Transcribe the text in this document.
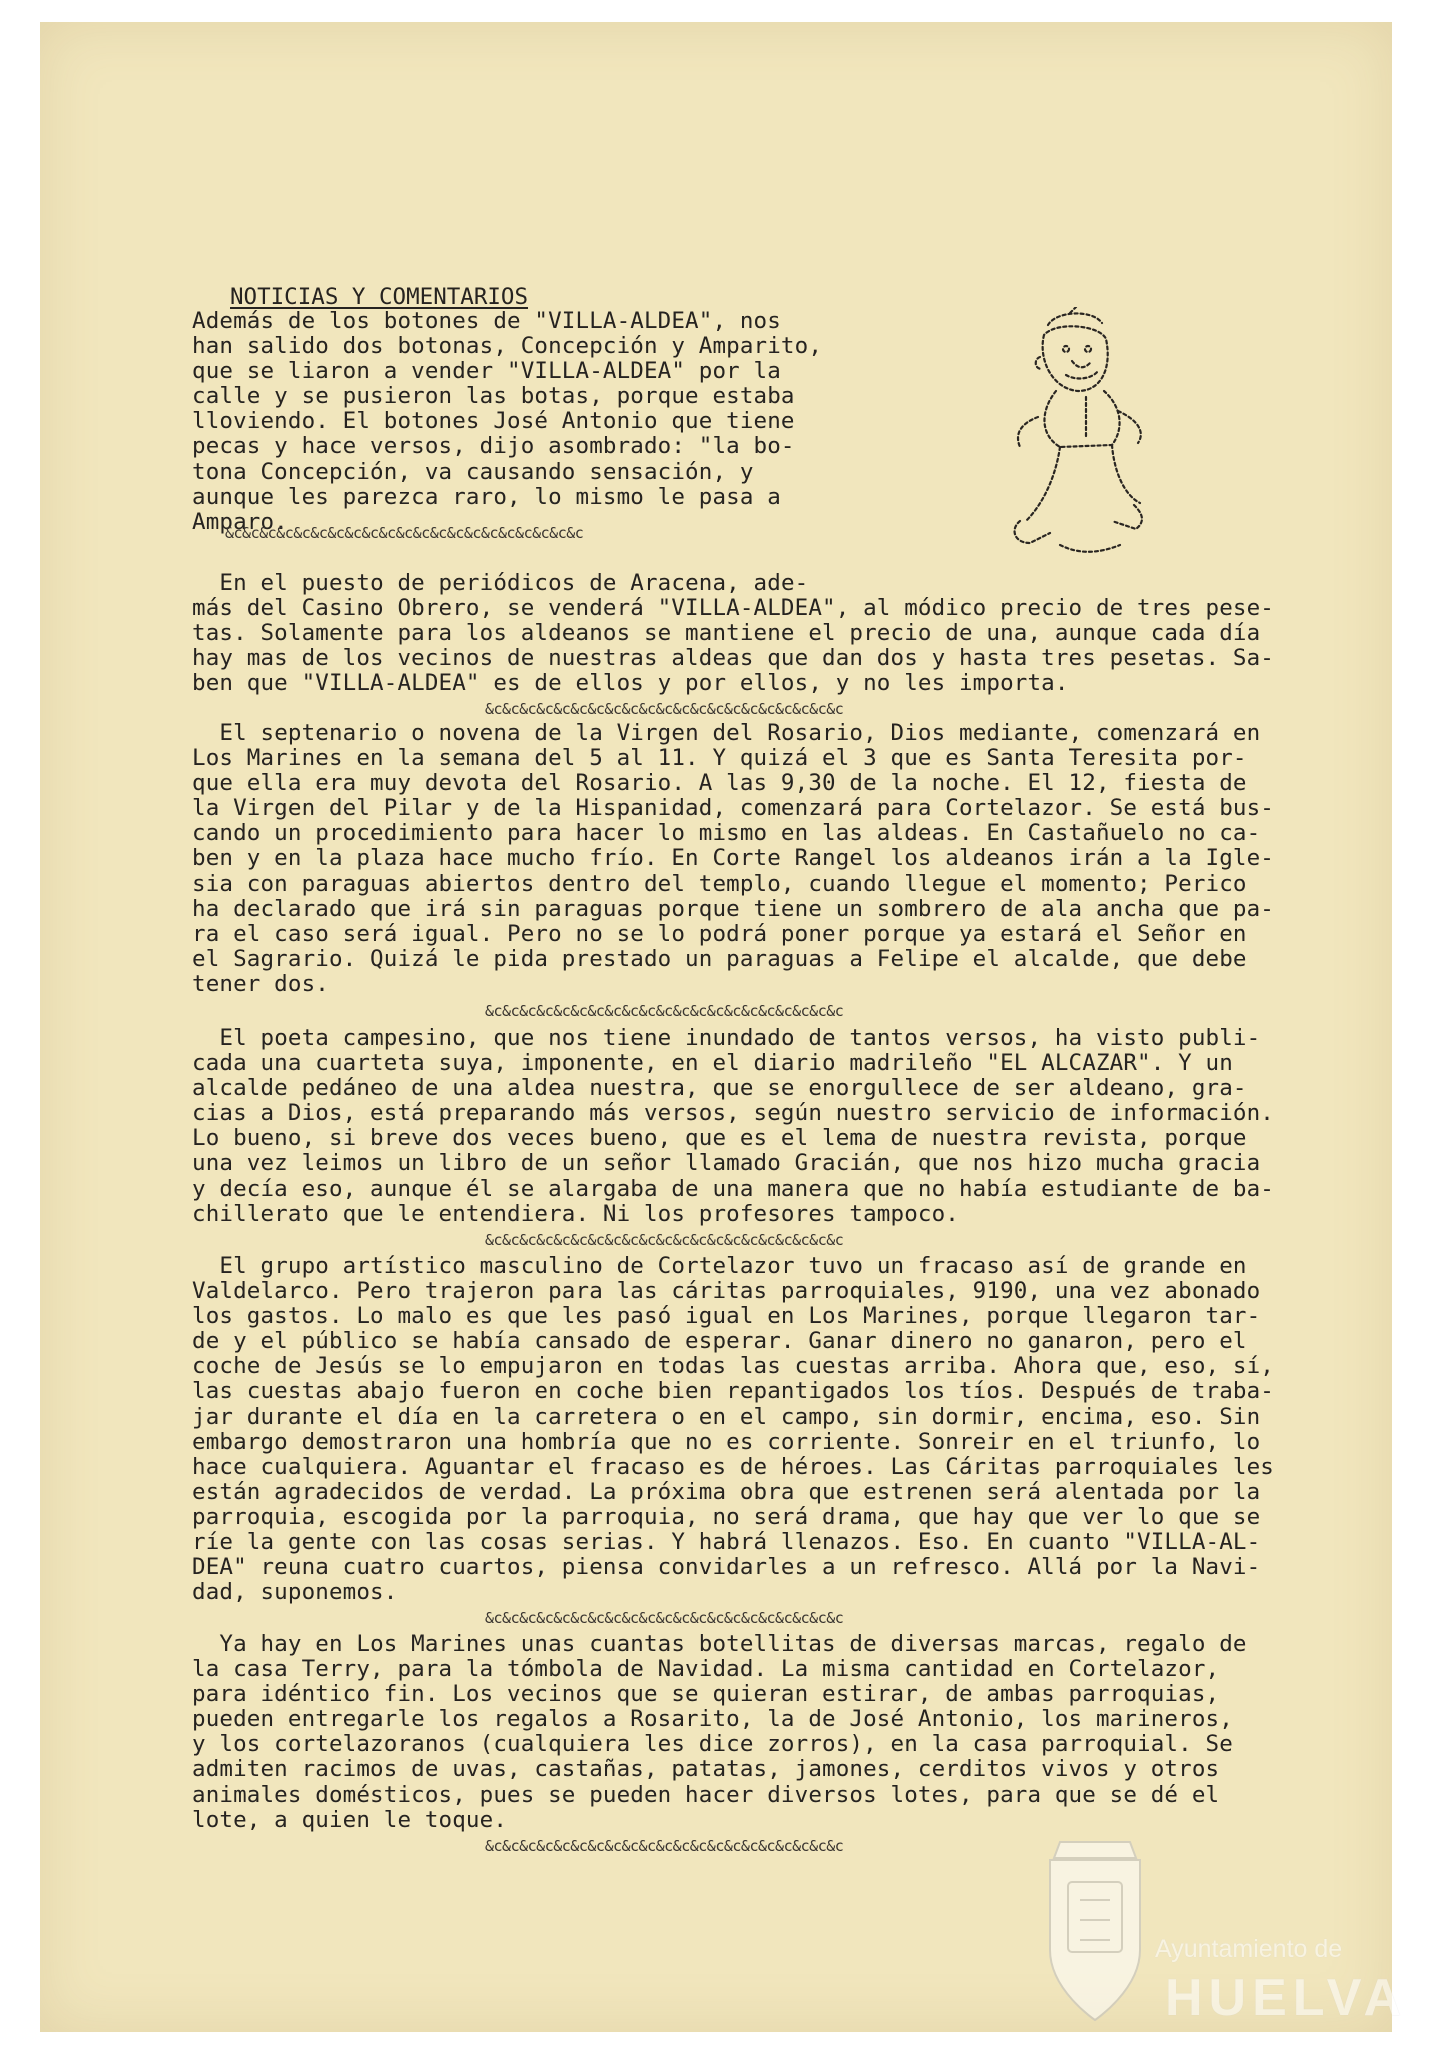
NOTICIAS Y COMENTARIOS
Además de los botones de "VILLA-ALDEA", nos
han salido dos botonas, Concepción y Amparito,
que se liaron a vender "VILLA-ALDEA" por la
calle y se pusieron las botas, porque estaba
lloviendo. El botones José Antonio que tiene
pecas y hace versos, dijo asombrado: "la bo-
tona Concepción, va causando sensación, y
aunque les parezca raro, lo mismo le pasa a
Amparo.
&c&c&c&c&c&c&c&c&c&c&c&c&c&c&c&c&c&c&c&c&c
En el puesto de periódicos de Aracena, ade-
más del Casino Obrero, se venderá "VILLA-ALDEA", al módico precio de tres pese-
tas. Solamente para los aldeanos se mantiene el precio de una, aunque cada día
hay mas de los vecinos de nuestras aldeas que dan dos y hasta tres pesetas. Sa-
ben que "VILLA-ALDEA" es de ellos y por ellos, y no les importa.
&c&c&c&c&c&c&c&c&c&c&c&c&c&c&c&c&c&c&c&c&c
El septenario o novena de la Virgen del Rosario, Dios mediante, comenzará en
Los Marines en la semana del 5 al 11. Y quizá el 3 que es Santa Teresita por-
que ella era muy devota del Rosario. A las 9,30 de la noche. El 12, fiesta de
la Virgen del Pilar y de la Hispanidad, comenzará para Cortelazor. Se está bus-
cando un procedimiento para hacer lo mismo en las aldeas. En Castañuelo no ca-
ben y en la plaza hace mucho frío. En Corte Rangel los aldeanos irán a la Igle-
sia con paraguas abiertos dentro del templo, cuando llegue el momento; Perico
ha declarado que irá sin paraguas porque tiene un sombrero de ala ancha que pa-
ra el caso será igual. Pero no se lo podrá poner porque ya estará el Señor en
el Sagrario. Quizá le pida prestado un paraguas a Felipe el alcalde, que debe
tener dos.
&c&c&c&c&c&c&c&c&c&c&c&c&c&c&c&c&c&c&c&c&c
El poeta campesino, que nos tiene inundado de tantos versos, ha visto publi-
cada una cuarteta suya, imponente, en el diario madrileño "EL ALCAZAR". Y un
alcalde pedáneo de una aldea nuestra, que se enorgullece de ser aldeano, gra-
cias a Dios, está preparando más versos, según nuestro servicio de información.
Lo bueno, si breve dos veces bueno, que es el lema de nuestra revista, porque
una vez leimos un libro de un señor llamado Gracián, que nos hizo mucha gracia
y decía eso, aunque él se alargaba de una manera que no había estudiante de ba-
chillerato que le entendiera. Ni los profesores tampoco.
&c&c&c&c&c&c&c&c&c&c&c&c&c&c&c&c&c&c&c&c&c
El grupo artístico masculino de Cortelazor tuvo un fracaso así de grande en
Valdelarco. Pero trajeron para las cáritas parroquiales, 9190, una vez abonado
los gastos. Lo malo es que les pasó igual en Los Marines, porque llegaron tar-
de y el público se había cansado de esperar. Ganar dinero no ganaron, pero el
coche de Jesús se lo empujaron en todas las cuestas arriba. Ahora que, eso, sí,
las cuestas abajo fueron en coche bien repantigados los tíos. Después de traba-
jar durante el día en la carretera o en el campo, sin dormir, encima, eso. Sin
embargo demostraron una hombría que no es corriente. Sonreir en el triunfo, lo
hace cualquiera. Aguantar el fracaso es de héroes. Las Cáritas parroquiales les
están agradecidos de verdad. La próxima obra que estrenen será alentada por la
parroquia, escogida por la parroquia, no será drama, que hay que ver lo que se
ríe la gente con las cosas serias. Y habrá llenazos. Eso. En cuanto "VILLA-AL-
DEA" reuna cuatro cuartos, piensa convidarles a un refresco. Allá por la Navi-
dad, suponemos.
&c&c&c&c&c&c&c&c&c&c&c&c&c&c&c&c&c&c&c&c&c
Ya hay en Los Marines unas cuantas botellitas de diversas marcas, regalo de
la casa Terry, para la tómbola de Navidad. La misma cantidad en Cortelazor,
para idéntico fin. Los vecinos que se quieran estirar, de ambas parroquias,
pueden entregarle los regalos a Rosarito, la de José Antonio, los marineros,
y los cortelazoranos (cualquiera les dice zorros), en la casa parroquial. Se
admiten racimos de uvas, castañas, patatas, jamones, cerditos vivos y otros
animales domésticos, pues se pueden hacer diversos lotes, para que se dé el
lote, a quien le toque.
&c&c&c&c&c&c&c&c&c&c&c&c&c&c&c&c&c&c&c&c&c
Ayuntamiento de
HUELVA
